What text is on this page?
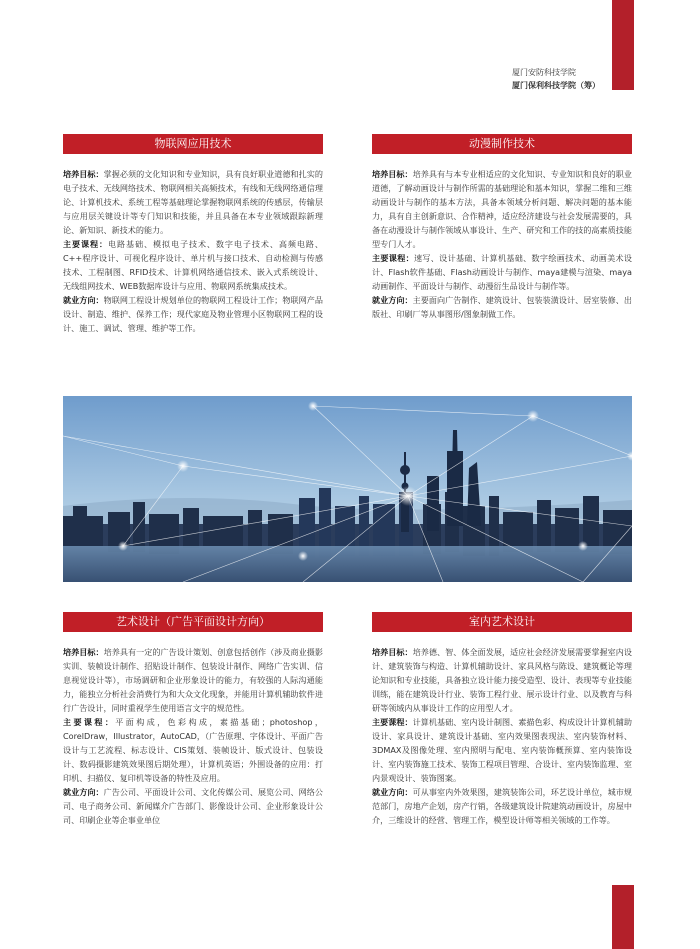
厦门安防科技学院
厦门保利科技学院（筹）
物联网应用技术

培养目标：掌握必须的文化知识和专业知识，具有良好职业道德和扎实的电子技术、无线网络技术、物联网相关高频技术，有线和无线网络通信理论、计算机技术、系统工程等基础理论掌握物联网系统的传感层，传输层与应用层关键设计等专门知识和技能，并且具备在本专业领域跟踪新理论、新知识、新技术的能力。

主要课程：电路基础、模拟电子技术、数字电子技术、高频电路、C++程序设计、可视化程序设计、单片机与接口技术、自动检测与传感技术、工程制图、RFID技术、计算机网络通信技术、嵌入式系统设计、无线组网技术、WEB数据库设计与应用、物联网系统集成技术。

就业方向：物联网工程设计规划单位的物联网工程设计工作；物联网产品设计、制造、维护、保养工作；现代家庭及物业管理小区物联网工程的设计、施工、调试、管理、维护等工作。

动漫制作技术

培养目标：培养具有与本专业相适应的文化知识、专业知识和良好的职业道德，了解动画设计与制作所需的基础理论和基本知识，掌握二维和三维动画设计与制作的基本方法，具备本领域分析问题、解决问题的基本能力，具有自主创新意识、合作精神，适应经济建设与社会发展需要的，具备在动漫设计与制作领域从事设计、生产、研究和工作的技的高素质技能型专门人才。

主要课程：速写、设计基础、计算机基础、数字绘画技术、动画美术设计、Flash软件基础、Flash动画设计与制作、maya建模与渲染、maya动画制作、平面设计与制作、动漫衍生品设计与制作等。

就业方向：主要面向广告制作、建筑设计、包装装潢设计、居室装修、出版社、印刷厂等从事图形/图象制做工作。

艺术设计（广告平面设计方向）

培养目标：培养具有一定的广告设计策划、创意包括创作（涉及商业摄影实训、装帧设计制作、招贴设计制作、包装设计制作、网络广告实训、信息视觉设计等），市场调研和企业形象设计的能力，有较强的人际沟通能力，能独立分析社会消费行为和大众文化现象，并能用计算机辅助软件进行广告设计，同时重视学生使用语言文字的规范性。

主要课程：平面构成，色彩构成，素描基础；photoshop，CorelDraw，Illustrator，AutoCAD，（广告原理、字体设计、平面广告设计与工艺流程、标志设计、CIS策划、装帧设计、版式设计、包装设计、数码摄影建筑效果图后期处理），计算机英语；外围设备的应用：打印机、扫描仪、复印机等设备的特性及应用。

就业方向：广告公司、平面设计公司、文化传媒公司、展览公司、网络公司、电子商务公司、新闻媒介广告部门、影像设计公司、企业形象设计公司、印刷企业等企事业单位

室内艺术设计

培养目标：培养德、智、体全面发展，适应社会经济发展需要掌握室内设计、建筑装饰与构造、计算机辅助设计、家具风格与陈设、建筑概论等理论知识和专业技能，具备独立设计能力接受造型、设计、表现等专业技能训练，能在建筑设计行业、装饰工程行业、展示设计行业、以及教育与科研等领域内从事设计工作的应用型人才。

主要课程：计算机基础、室内设计制图、素描色彩、构成设计计算机辅助设计、家具设计、建筑设计基础、室内效果图表现法、室内装饰材料、3DMAX及图像处理、室内照明与配电、室内装饰概预算、室内装饰设计、室内装饰施工技术、装饰工程项目管理、合设计、室内装饰监理、室内景观设计、装饰图案。

就业方向：可从事室内外效果图，建筑装饰公司，环艺设计单位，城市规范部门，房地产企划，房产行销，各级建筑设计院建筑动画设计，房屋中介，三维设计的经营、管理工作，模型设计师等相关领域的工作等。
